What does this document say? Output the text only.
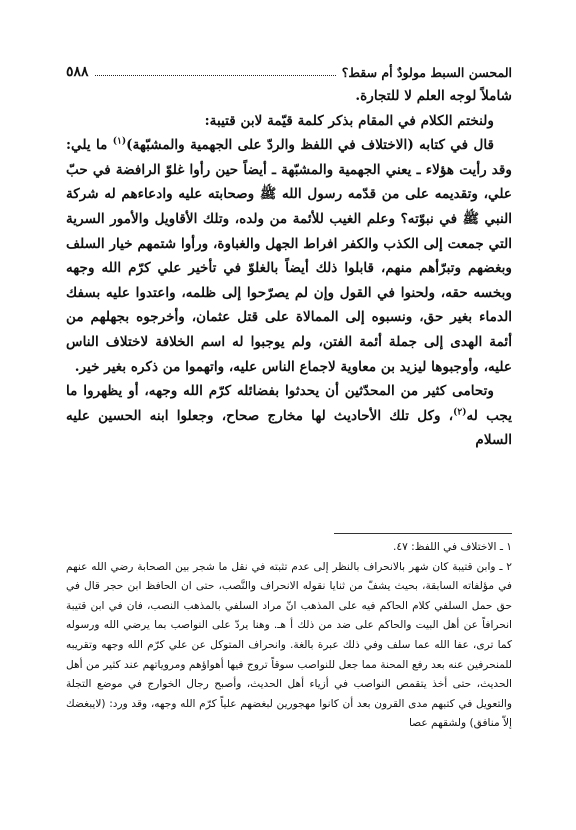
المحسن السبط مولودٌ أم سقط؟
٥٨٨

شاملاً لوجه العلم لا للتجارة.

ولنختم الكلام في المقام بذكر كلمة قيّمة لابن قتيبة:

قال في كتابه (الاختلاف في اللفظ والردّ على الجهمية والمشبّهة)$^{(١)}$ ما يلي: وقد رأيت هؤلاء ـ يعني الجهمية والمشبّهة ـ أيضاً حين رأوا غلوّ الرافضة في حبّ علي، وتقديمه على من قدّمه رسول الله ﷺ وصحابته عليه وادعاءهم له شركة النبي ﷺ في نبوّته؟ وعلم الغيب للأئمة من ولده، وتلك الأقاويل والأمور السرية التي جمعت إلى الكذب والكفر افراط الجهل والغباوة، ورأوا شتمهم خيار السلف وبغضهم وتبرّأهم منهم، قابلوا ذلك أيضاً بالغلوّ في تأخير علي كرّم الله وجهه وبخسه حقه، ولحنوا في القول وإن لم يصرّحوا إلى ظلمه، واعتدوا عليه بسفك الدماء بغير حق، ونسبوه إلى الممالاة على قتل عثمان، وأخرجوه بجهلهم من أئمة الهدى إلى جملة أئمة الفتن، ولم يوجبوا له اسم الخلافة لاختلاف الناس عليه، وأوجبوها ليزيد بن معاوية لاجماع الناس عليه، واتهموا من ذكره بغير خير.

وتحامى كثير من المحدّثين أن يحدثوا بفضائله كرّم الله وجهه، أو يظهروا ما يجب له$^{(٢)}$، وكل تلك الأحاديث لها مخارج صحاح، وجعلوا ابنه الحسين عليه السلام

١ ـ الاختلاف في اللفظ: ٤٧.

٢ ـ وابن قتيبة كان شهر بالانحراف بالنظر إلى عدم تثبته في نقل ما شجر بين الصحابة رضي الله عنهم في مؤلفاته السابقة، بحيث يشفّ من ثنايا نقوله الانحراف والنَّصب، حتى ان الحافظ ابن حجر قال في حق حمل السلفي كلام الحاكم فيه على المذهب انّ مراد السلفي بالمذهب النصب، فان في ابن قتيبة انحرافاً عن أهل البيت والحاكم على ضد من ذلك أ هـ. وهنا يردّ على النواصب بما يرضي الله ورسوله كما ترى، عفا الله عما سلف وفي ذلك عبرة بالغة. وانحراف المتوكل عن علي كرّم الله وجهه وتقريبه للمنحرفين عنه بعد رفع المحنة مما جعل للنواصب سوقاً تروج فيها أهواؤهم ومروياتهم عند كثير من أهل الحديث، حتى أخذ يتقمص النواصب في أزياء أهل الحديث، وأصبح رجال الخوارج في موضع التجلة والتعويل في كتبهم مدى القرون بعد أن كانوا مهجورين لبغضهم علياً كرّم الله وجهه، وقد ورد: (لايبغضك إلاّ منافق) ولشقهم عصا
